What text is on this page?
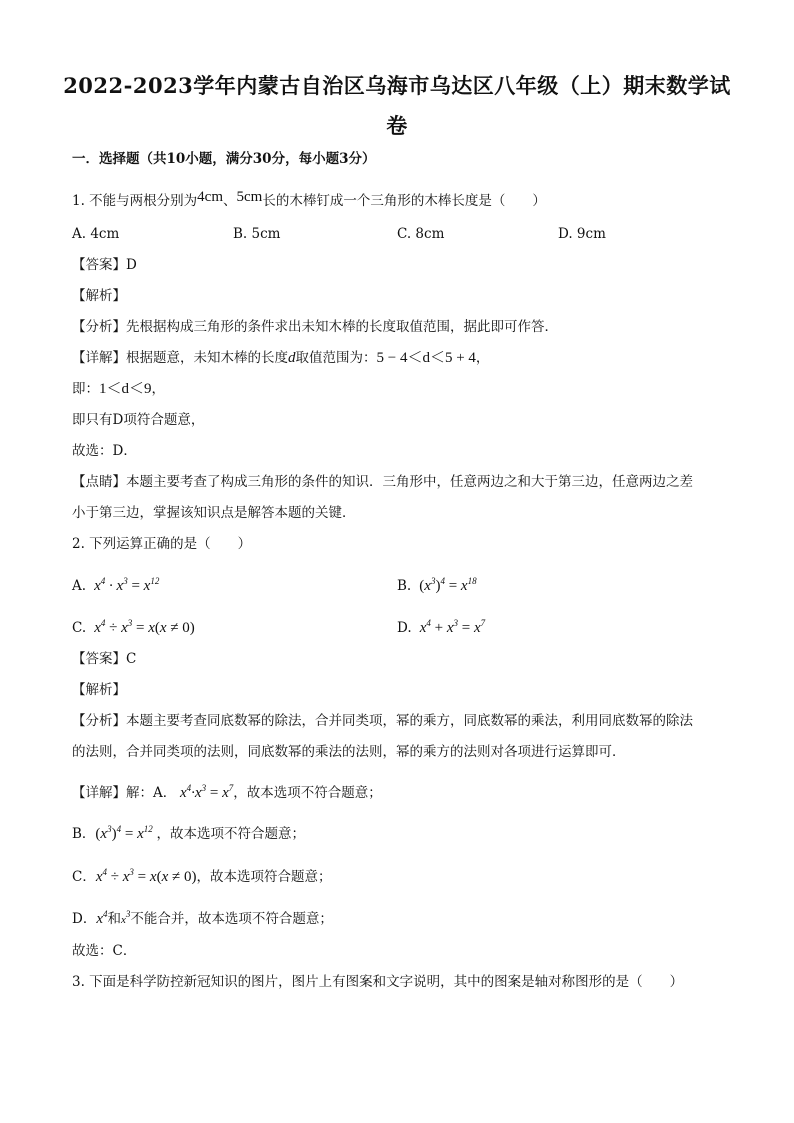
2022-2023学年内蒙古自治区乌海市乌达区八年级（上）期末数学试
卷
一．选择题（共10小题，满分30分，每小题3分）
1. 不能与两根分别为4cm、5cm长的木棒钉成一个三角形的木棒长度是（　　）
A. 4cm	B. 5cm	C. 8cm	D. 9cm
【答案】D
【解析】
【分析】先根据构成三角形的条件求出未知木棒的长度取值范围，据此即可作答．
【详解】根据题意，未知木棒的长度d取值范围为：5 − 4＜d＜5 + 4，
即：1＜d＜9，
即只有D项符合题意，
故选：D．
【点睛】本题主要考查了构成三角形的条件的知识．三角形中，任意两边之和大于第三边，任意两边之差
小于第三边，掌握该知识点是解答本题的关键．
2. 下列运算正确的是（　　）
A.  $x^4 \cdot x^3 = x^{12}$	B. $(x^3)^4 = x^{18}$
C.  $x^4 \div x^3 = x(x \ne 0)$	D.  $x^4 + x^3 = x^7$
【答案】C
【解析】
【分析】本题主要考查同底数幂的除法，合并同类项，幂的乘方，同底数幂的乘法，利用同底数幂的除法
的法则，合并同类项的法则，同底数幂的乘法的法则，幂的乘方的法则对各项进行运算即可．
【详解】解：A． $x^4\cdot x^3 = x^7$，故本选项不符合题意；
B．$(x^3)^4 = x^{12}$ ，故本选项不符合题意；
C．$x^4 \div x^3 = x(x \ne 0)$，故本选项符合题意；
D．$x^4$和$x^3$不能合并，故本选项不符合题意；
故选：C．
3. 下面是科学防控新冠知识的图片，图片上有图案和文字说明，其中的图案是轴对称图形的是（　　）
